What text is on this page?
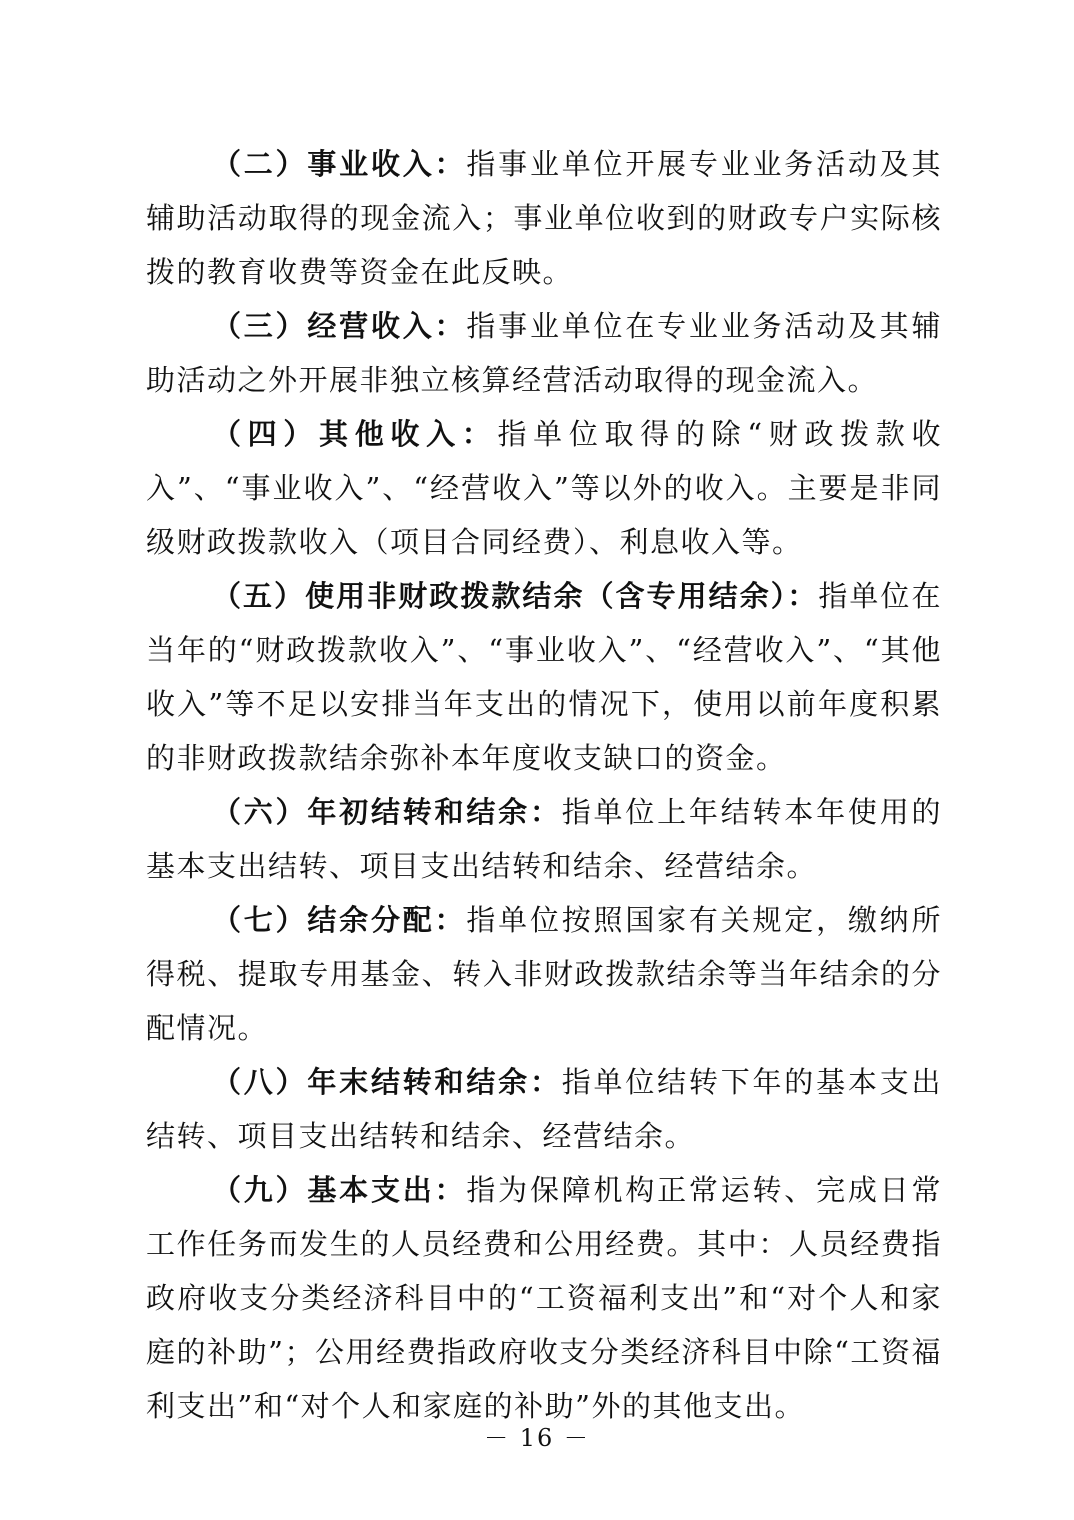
（二）事业收入：指事业单位开展专业业务活动及其辅助活动取得的现金流入；事业单位收到的财政专户实际核拨的教育收费等资金在此反映。

（三）经营收入：指事业单位在专业业务活动及其辅助活动之外开展非独立核算经营活动取得的现金流入。

（四）其他收入：指单位取得的除“财政拨款收入”、“事业收入”、“经营收入”等以外的收入。主要是非同级财政拨款收入（项目合同经费）、利息收入等。

（五）使用非财政拨款结余（含专用结余）：指单位在当年的“财政拨款收入”、“事业收入”、“经营收入”、“其他收入”等不足以安排当年支出的情况下，使用以前年度积累的非财政拨款结余弥补本年度收支缺口的资金。

（六）年初结转和结余：指单位上年结转本年使用的基本支出结转、项目支出结转和结余、经营结余。

（七）结余分配：指单位按照国家有关规定，缴纳所得税、提取专用基金、转入非财政拨款结余等当年结余的分配情况。

（八）年末结转和结余：指单位结转下年的基本支出结转、项目支出结转和结余、经营结余。

（九）基本支出：指为保障机构正常运转、完成日常工作任务而发生的人员经费和公用经费。其中：人员经费指政府收支分类经济科目中的“工资福利支出”和“对个人和家庭的补助”；公用经费指政府收支分类经济科目中除“工资福利支出”和“对个人和家庭的补助”外的其他支出。

－ 16 －
